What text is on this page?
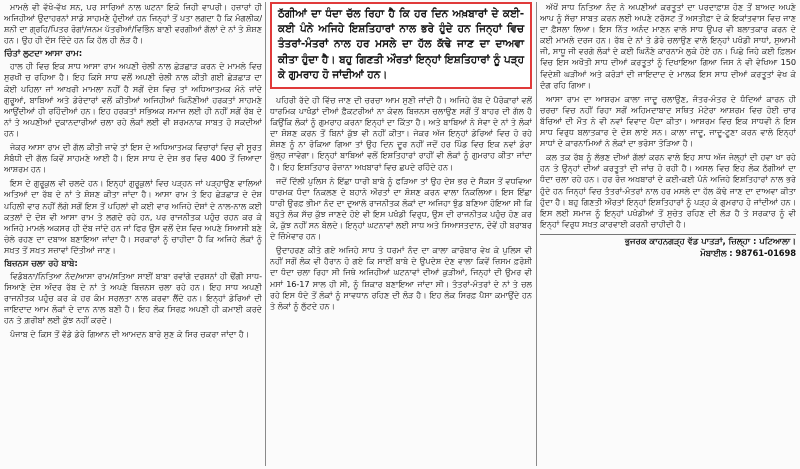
ਮਾਮਲੇ ਵੀ ਵੱਖੋ-ਵੱਖ ਸਨ, ਪਰ ਸਾਰਿਆਂ ਨਾਲ ਘਟਨਾ ਇਕੋ ਜਿਹੀ ਵਾਪਰੀ। ਹਜ਼ਾਰਾਂ ਹੀ ਅਜਿਹੀਆਂ ਉਦਾਹਰਨਾਂ ਸਾਡੇ ਸਾਹਮਣੇ ਹੁੰਦੀਆਂ ਹਨ ਜਿਨ੍ਹਾਂ ਤੋਂ ਪਤਾ ਲਗਦਾ ਹੈ ਕਿ ਮੰਗਲੀਕ/ਸ਼ਨੀ ਦਾ ਗ੍ਰਹਿ/ਪਿਤਰ ਰੋਗਾਂ/ਜਨਮ ਪੱਤਰੀਆਂ/ਵਿਭਿੰਨ ਬਾਣੀ ਵਰਗੀਆਂ ਗੱਲਾਂ ਦੇ ਨਾਂ ਤੇ ਸ਼ੋਸ਼ਣ ਹਨ। ਉਹ ਹੀ ਦੱਸ ਦਿੰਦੇ ਹਨ ਕਿ ਹੱਲ ਹੀ ਲੋੜ ਹੈ।

ਚਿੰਤਾਂ ਲੁਟਦਾ ਆਸਾ ਰਾਮ:

ਹਾਲ ਹੀ ਵਿਚ ਇਕ ਸਾਧ ਆਸਾ ਰਾਮ ਅਪਣੀ ਚੇਲੀ ਨਾਲ ਛੇੜਛਾੜ ਕਰਨ ਦੇ ਮਾਮਲੇ ਵਿਚ ਸੁਰਖੀ ਚ ਰਹਿਆ ਹੈ। ਇਹ ਕਿਸੇ ਸਾਧ ਵਲੋਂ ਅਪਣੀ ਚੇਲੀ ਨਾਲ ਕੀਤੀ ਗਈ ਛੇੜਛਾੜ ਦਾ ਕੋਈ ਪਹਿਲਾ ਜਾਂ ਆਖ਼ਰੀ ਮਾਮਲਾ ਨਹੀਂ ਹੈ ਸਗੋਂ ਦੇਸ਼ ਵਿਚ ਤਾਂ ਅਧਿਆਤਮਕ ਮੰਨੇ ਜਾਂਦੇ ਗੁਰੂਆਂ, ਬਾਬਿਆਂ ਅਤੇ ਡੇਰੇਦਾਰਾਂ ਵਲੋਂ ਕੀਤੀਆਂ ਅਜਿਹੀਆਂ ਘਿਨੌਣੀਆਂ ਹਰਕਤਾਂ ਸਾਹਮਣੇ ਆਉਂਦੀਆਂ ਹੀ ਰਹਿੰਦੀਆਂ ਹਨ। ਇਹ ਹਰਕਤਾਂ ਸਭਿਅਕ ਸਮਾਜ ਲਈ ਹੀ ਨਹੀਂ ਸਗੋਂ ਰੱਬ ਦੇ ਨਾਂ ਤੇ ਅਪਣੀਆਂ ਦੁਕਾਨਦਾਰੀਆਂ ਚਲਾ ਰਹੇ ਲੋਕਾਂ ਲਈ ਵੀ ਸ਼ਰਮਨਾਕ ਸਾਬਤ ਹੋ ਸਕਦੀਆਂ ਹਨ।

ਜੇਕਰ ਆਸਾ ਰਾਮ ਦੀ ਗੱਲ ਕੀਤੀ ਜਾਵੇ ਤਾਂ ਇਸ ਦੇ ਅਧਿਆਤਮਕ ਵਿਚਾਰਾਂ ਵਿਚ ਵੀ ਸੂਰਤ ਸੰਬੰਧੀ ਦੀ ਗੱਲ ਕਿਵੇਂ ਸਾਹਮਣੇ ਆਈ ਹੈ। ਇਸ ਸਾਧ ਦੇ ਦੇਸ਼ ਭਰ ਵਿਚ 400 ਤੋਂ ਜ਼ਿਆਦਾ ਆਸ਼ਰਮ ਹਨ।

ਇਸ ਦੇ ਗੁਰੂਕੁਲ ਵੀ ਚਲਦੇ ਹਨ। ਇਨ੍ਹਾਂ ਗੁਰੂਕੁਲਾਂ ਵਿਚ ਪੜ੍ਹਨ ਜਾਂ ਪੜ੍ਹਾਉਣ ਵਾਲਿਆਂ ਅਤਿਆਂ ਦਾ ਰੱਬ ਦੇ ਨਾਂ ਤੇ ਸ਼ੋਸ਼ਣ ਕੀਤਾ ਜਾਂਦਾ ਹੈ। ਆਸਾ ਰਾਮ ਤੇ ਇਹ ਛੇੜਛਾੜ ਦੇ ਦੋਸ਼ ਪਹਿਲੀ ਵਾਰ ਨਹੀਂ ਲੱਗੇ ਸਗੋਂ ਇਸ ਤੋਂ ਪਹਿਲਾਂ ਵੀ ਕਈ ਵਾਰ ਅਜਿਹੇ ਦੋਸ਼ਾਂ ਦੇ ਨਾਲ-ਨਾਲ ਕਈ ਕਤਲਾਂ ਦੇ ਦੋਸ਼ ਵੀ ਆਸਾ ਰਾਮ ਤੇ ਲਗਦੇ ਰਹੇ ਹਨ, ਪਰ ਰਾਜਨੀਤਕ ਪਹੁੰਚ ਰਹਨ ਕਰ ਕੇ ਅਜਿਹੇ ਮਾਮਲੇ ਅਕਸਰ ਹੀ ਦੱਬ ਜਾਂਦੇ ਹਨ ਜਾਂ ਫਿਰ ਉਸ ਵਲੋਂ ਦੇਸ਼ ਵਿਚ ਅਪਣੇ ਸਿਆਸੀ ਬਣੇ ਚੇਲੇ ਰਹਣ ਦਾ ਦਬਾਅ ਬਣਾਇਆ ਜਾਂਦਾ ਹੈ। ਸਰਕਾਰਾਂ ਨੂੰ ਚਾਹੀਦਾ ਹੈ ਕਿ ਅਜਿਹੇ ਲੋਕਾਂ ਨੂੰ ਸਖ਼ਤ ਤੋਂ ਸਖ਼ਤ ਸਜ਼ਾਵਾਂ ਦਿੱਤੀਆਂ ਜਾਣ।

ਬਿਜ਼ਨਸ ਚਲਾ ਰਹੇ ਬਾਬੇ:

ਵਿਡੰਬਨਾ/ਨਿਤਿਆ ਨੰਦ/ਆਸਾ ਰਾਮ/ਸਤਿਆ ਸਾਈਂ ਬਾਬਾ ਰਵਾਂਗੇ ਦਰਸ਼ਨਾਂ ਹੀ ਢੌਂਗੀ ਸਾਧ-ਸਿਆਣੇ ਦੇਸ਼ ਅੰਦਰ ਰੱਬ ਦੇ ਨਾਂ ਤੇ ਅਪਣੇ ਬਿਜ਼ਨਸ ਚਲਾ ਰਹੇ ਹਨ। ਇਹ ਸਾਧ ਅਪਣੀ ਰਾਜਨੀਤਕ ਪਹੁੰਚ ਕਰ ਕੇ ਹਰ ਕੰਮ ਸਰਲਤਾ ਨਾਲ ਕਰਵਾ ਲੈਂਦੇ ਹਨ। ਇਨ੍ਹਾਂ ਡੇਰਿਆਂ ਦੀ ਜਾਇਦਾਦ ਆਮ ਲੋਕਾਂ ਦੇ ਦਾਨ ਨਾਲ ਬਣੀ ਹੈ। ਇਹ ਲੋਕ ਸਿਰਫ਼ ਅਪਣੀ ਹੀ ਕਮਾਈ ਕਰਦੇ ਹਨ ਤੇ ਗ਼ਰੀਬਾਂ ਲਈ ਕੁੱਝ ਨਹੀਂ ਕਰਦੇ।

ਪੰਜਾਬ ਦੇ ਕਿਸ ਤੋਂ ਵੱਡੇ ਡੇਰੇ ਗਿਆਨ ਦੀ ਆਮਦਨ ਬਾਰੇ ਸੁਣ ਕੇ ਸਿਰ ਚਕਰਾ ਜਾਂਦਾ ਹੈ।

ਠੱਗੀਆਂ ਦਾ ਧੰਦਾ ਚੱਲ ਰਿਹਾ ਹੈ ਕਿ ਹਰ ਦਿਨ ਅਖ਼ਬਾਰਾਂ ਦੇ ਕਈ-ਕਈ ਪੰਨੇ ਅਜਿਹੇ ਇਸ਼ਤਿਹਾਰਾਂ ਨਾਲ ਭਰੇ ਹੁੰਦੇ ਹਨ ਜਿਨ੍ਹਾਂ ਵਿਚ ਤੰਤਰਾਂ-ਮੰਤਰਾਂ ਨਾਲ ਹਰ ਮਸਲੇ ਦਾ ਹੱਲ ਕੱਢੇ ਜਾਣ ਦਾ ਦਾਅਵਾ ਕੀਤਾ ਹੁੰਦਾ ਹੈ। ਬਹੁ ਗਿਣਤੀ ਔਰਤਾਂ ਇਨ੍ਹਾਂ ਇਸ਼ਤਿਹਾਰਾਂ ਨੂੰ ਪੜ੍ਹ ਕੇ ਗੁਮਰਾਹ ਹੋ ਜਾਂਦੀਆਂ ਹਨ।

ਪਹਿਰੀ ਰੱਦੇ ਹੀ ਵਿੱਚ ਜਾਣ ਦੀ ਚਰਚਾ ਆਮ ਸੁਣੀ ਜਾਂਦੀ ਹੈ। ਅਜਿਹੇ ਰੱਬ ਦੇ ਪੈਰੋਕਾਰਾਂ ਵਲੋਂ ਧਾਰਮਿਕ ਪਾਖੰਡਾਂ ਦੀਆਂ ਫ਼ੈਕਟਰੀਆਂ ਨਾ ਕੇਵਲ ਬਿਜ਼ਨਸ ਚਲਾਉਣ ਸਗੋਂ ਤੋਂ ਬਾਹਰ ਦੀ ਗੱਲ ਹੈ ਕਿਉਂਕਿ ਲੋਕਾਂ ਨੂੰ ਗੁਮਰਾਹ ਕਰਨਾ ਇਨ੍ਹਾਂ ਦਾ ਕਿੱਤਾ ਹੈ। ਅਤੇ ਬਾਬਿਆਂ ਨੇ ਸੇਵਾ ਦੇ ਨਾਂ ਤੇ ਲੋਕਾਂ ਦਾ ਸ਼ੋਸ਼ਣ ਕਰਨ ਤੋਂ ਬਿਨਾਂ ਕੁੱਝ ਵੀ ਨਹੀਂ ਕੀਤਾ। ਜੇਕਰ ਅੱਜ ਇਨ੍ਹਾਂ ਡੇਰਿਆਂ ਵਿਚ ਹੋ ਰਹੇ ਸ਼ੋਸ਼ਣ ਨੂੰ ਨਾ ਰੋਕਿਆ ਗਿਆ ਤਾਂ ਉਹ ਦਿਨ ਦੂਰ ਨਹੀਂ ਜਦੋਂ ਹਰ ਪਿੰਡ ਵਿਚ ਇਕ ਨਵਾਂ ਡੇਰਾ ਖੁੱਲ੍ਹ ਜਾਵੇਗਾ। ਇਨ੍ਹਾਂ ਬਾਬਿਆਂ ਵਲੋਂ ਇਸ਼ਤਿਹਾਰਾਂ ਰਾਹੀਂ ਵੀ ਲੋਕਾਂ ਨੂੰ ਗੁਮਰਾਹ ਕੀਤਾ ਜਾਂਦਾ ਹੈ। ਇਹ ਇਸ਼ਤਿਹਾਰ ਰੋਜ਼ਾਨਾ ਅਖ਼ਬਾਰਾਂ ਵਿਚ ਛਪਦੇ ਰਹਿੰਦੇ ਹਨ।

ਜਦੋਂ ਦਿੱਲੀ ਪੁਲਿਸ ਨੇ ਇੱਛਾ ਧਾਰੀ ਬਾਬੇ ਨੂੰ ਫੜਿਆ ਤਾਂ ਉਹ ਦੇਸ਼ ਭਰ ਦੇ ਸੈਕਸ ਤੋਂ ਵਧਵਿਆ ਧਾਰਮਕ ਧੰਦਾ ਨਿਕਲਣ ਦੇ ਬਹਾਨੇ ਔਰਤਾਂ ਦਾ ਸ਼ੋਸ਼ਣ ਕਰਨ ਵਾਲਾ ਨਿਕਲਿਆ। ਇਸ ਇੱਛਾ ਧਾਰੀ ਉਰਫ਼ ਭੀਮਾ ਨੰਦ ਦਾ ਦੁਆਲੇ ਰਾਜਨੀਤਕ ਲੋਕਾਂ ਦਾ ਅਜਿਹਾ ਝੁੰਡ ਬਣਿਆ ਹੋਇਆ ਸੀ ਕਿ ਬਹੁਤੇ ਲੋਕ ਸੱਚ ਕੁੱਝ ਜਾਣਦੇ ਹੋਏ ਵੀ ਇਸ ਪਖੰਡੀ ਵਿਰੁਧ, ਉਸ ਦੀ ਰਾਜਨੀਤਕ ਪਹੁੰਚ ਹੋਣ ਕਰ ਕੇ, ਕੁੱਝ ਨਹੀਂ ਸਨ ਬੋਲਦੇ। ਇਨ੍ਹਾਂ ਘਟਨਾਵਾਂ ਲਈ ਸਾਧ ਅਤੇ ਸਿਆਸਤਦਾਨ, ਦੋਵੇਂ ਹੀ ਬਰਾਬਰ ਦੇ ਜ਼ਿੰਮੇਵਾਰ ਹਨ।

ਉਦਾਹਰਣ ਕੀਤੇ ਗਏ ਅਜਿਹੇ ਸਾਧ ਤੇ ਧਰਮਾਂ ਨੰਦ ਦਾ ਕਾਲਾ ਕਾਰੋਬਾਰ ਵੇਖ ਕੇ ਪੁਲਿਸ ਵੀ ਨਹੀਂ ਸਗੋਂ ਲੋਕ ਵੀ ਹੈਰਾਨ ਹੋ ਗਏ ਕਿ ਸਾਈਂ ਬਾਬੇ ਦੇ ਉਪਦੇਸ਼ ਦੇਣ ਵਾਲਾ ਕਿਵੇਂ ਜ਼ਿਸਮ ਫ਼ਰੋਸ਼ੀ ਦਾ ਧੰਦਾ ਚਲਾ ਰਿਹਾ ਸੀ ਜਿਥੇ ਅਜਿਹੀਆਂ ਘਟਨਾਵਾਂ ਦੀਆਂ ਕੁੜੀਆਂ, ਜਿਨ੍ਹਾਂ ਦੀ ਉਮਰ ਵੀ ਮਸਾਂ 16-17 ਸਾਲ ਹੀ ਸੀ, ਨੂੰ ਸ਼ਿਕਾਰ ਬਣਾਇਆ ਜਾਂਦਾ ਸੀ। ਤੰਤਰਾਂ-ਮੰਤਰਾਂ ਦੇ ਨਾਂ ਤੇ ਚਲ ਰਹੇ ਇਸ ਧੰਦੇ ਤੋਂ ਲੋਕਾਂ ਨੂੰ ਸਾਵਧਾਨ ਰਹਿਣ ਦੀ ਲੋੜ ਹੈ। ਇਹ ਲੋਕ ਸਿਰਫ਼ ਪੈਸਾ ਕਮਾਉਂਦੇ ਹਨ ਤੇ ਲੋਕਾਂ ਨੂੰ ਲੁੱਟਦੇ ਹਨ।

ਅੱਖੋਂ ਸਾਧ ਨਿਤਿਆ ਨੰਦ ਨੇ ਅਪਣੀਆਂ ਕਰਤੂਤਾਂ ਦਾ ਪਰਦਾਫ਼ਾਸ਼ ਹੋਣ ਤੋਂ ਬਾਅਦ ਅਪਣੇ ਆਪ ਨੂੰ ਸੱਚਾ ਸਾਬਤ ਕਰਨ ਲਈ ਅਪਣੇ ਟਰੱਸਟ ਤੋਂ ਅਸਤੀਫ਼ਾ ਦੇ ਕੇ ਇਕਾਂਤਵਾਸ ਵਿਚ ਜਾਣ ਦਾ ਫ਼ੈਸਲਾ ਲਿਆ। ਇਸ ਨਿੱਤ ਅਨੰਦ ਮਾਣਨ ਵਾਲੇ ਸਾਧ ਉਪਰ ਵੀ ਬਲਾਤਕਾਰ ਕਰਨ ਦੇ ਕਈ ਮਾਮਲੇ ਦਰਜ ਹਨ। ਰੱਬ ਦੇ ਨਾਂ ਤੇ ਡੇਰੇ ਚਲਾਉਣ ਵਾਲੇ ਇਨ੍ਹਾਂ ਪਖੰਡੀ ਸਾਧਾਂ, ਸੁਆਮੀ ਜੀ, ਸਾਧੂ ਜੀ ਵਰਗੇ ਲੋਕਾਂ ਦੇ ਕਈ ਘਿਨੌਣੇ ਕਾਰਨਾਮੇ ਲੁਕੇ ਹੋਏ ਹਨ। ਪਿਛੇ ਜਿਹੇ ਕਈ ਫ਼ਿਲਮ ਵਿਚ ਇਸ ਅਖੌਤੀ ਸਾਧ ਦੀਆਂ ਕਰਤੂਤਾਂ ਨੂੰ ਦਿਖਾਇਆ ਗਿਆ ਜਿਸ ਨੇ ਵੀ ਵੇਖਿਆ 150 ਵਿਦੇਸ਼ੀ ਘੜੀਆਂ ਅਤੇ ਕਰੋੜਾਂ ਦੀ ਜਾਇਦਾਦ ਦੇ ਮਾਲਕ ਇਸ ਸਾਧ ਦੀਆਂ ਕਰਤੂਤਾਂ ਵੇਖ ਕੇ ਦੰਗ ਰਹਿ ਗਿਆ।

ਆਸਾ ਰਾਮ ਦਾ ਆਸ਼ਰਮ ਕਾਲਾ ਜਾਦੂ ਚਲਾਉਣ, ਜੰਤਰ-ਮੰਤਰ ਦੇ ਧੰਦਿਆਂ ਕਾਰਨ ਹੀ ਚਰਚਾ ਵਿਚ ਨਹੀਂ ਰਿਹਾ ਸਗੋਂ ਅਹਿਮਦਾਬਾਦ ਸਥਿਤ ਮੋਟੇਰਾ ਆਸ਼ਰਮ ਵਿਚ ਹੋਈ ਚਾਰ ਬੱਚਿਆਂ ਦੀ ਮੌਤ ਨੇ ਵੀ ਨਵਾਂ ਵਿਵਾਦ ਪੈਦਾ ਕੀਤਾ। ਆਸ਼ਰਮ ਵਿਚ ਇਕ ਸਾਧਵੀ ਨੇ ਇਸ ਸਾਧ ਵਿਰੁਧ ਬਲਾਤਕਾਰ ਦੇ ਦੋਸ਼ ਲਾਏ ਸਨ। ਕਾਲਾ ਜਾਦੂ, ਜਾਦੂ-ਟੂਣਾ ਕਰਨ ਵਾਲੇ ਇਨ੍ਹਾਂ ਸਾਧਾਂ ਦੇ ਕਾਰਨਾਮਿਆਂ ਨੇ ਲੋਕਾਂ ਦਾ ਭਰੋਸਾ ਤੋੜਿਆ ਹੈ।

ਕਲ ਤਕ ਰੱਬ ਨੂੰ ਲੱਭਣ ਦੀਆਂ ਗੱਲਾਂ ਕਰਨ ਵਾਲੇ ਇਹ ਸਾਧ ਅੱਜ ਜੇਲ੍ਹਾਂ ਦੀ ਹਵਾ ਖਾ ਰਹੇ ਹਨ ਤੇ ਉਨ੍ਹਾਂ ਦੀਆਂ ਕਰਤੂਤਾਂ ਦੀ ਜਾਂਚ ਹੋ ਰਹੀ ਹੈ। ਅਸਲ ਵਿਚ ਇਹ ਲੋਕ ਠੱਗੀਆਂ ਦਾ ਧੰਦਾ ਚਲਾ ਰਹੇ ਹਨ। ਹਰ ਰੋਜ਼ ਅਖ਼ਬਾਰਾਂ ਦੇ ਕਈ-ਕਈ ਪੰਨੇ ਅਜਿਹੇ ਇਸ਼ਤਿਹਾਰਾਂ ਨਾਲ ਭਰੇ ਹੁੰਦੇ ਹਨ ਜਿਨ੍ਹਾਂ ਵਿਚ ਤੰਤਰਾਂ-ਮੰਤਰਾਂ ਨਾਲ ਹਰ ਮਸਲੇ ਦਾ ਹੱਲ ਕੱਢੇ ਜਾਣ ਦਾ ਦਾਅਵਾ ਕੀਤਾ ਹੁੰਦਾ ਹੈ। ਬਹੁ ਗਿਣਤੀ ਔਰਤਾਂ ਇਨ੍ਹਾਂ ਇਸ਼ਤਿਹਾਰਾਂ ਨੂੰ ਪੜ੍ਹ ਕੇ ਗੁਮਰਾਹ ਹੋ ਜਾਂਦੀਆਂ ਹਨ। ਇਸ ਲਈ ਸਮਾਜ ਨੂੰ ਇਨ੍ਹਾਂ ਪਖੰਡੀਆਂ ਤੋਂ ਸੁਚੇਤ ਰਹਿਣ ਦੀ ਲੋੜ ਹੈ ਤੇ ਸਰਕਾਰ ਨੂੰ ਵੀ ਇਨ੍ਹਾਂ ਵਿਰੁਧ ਸਖ਼ਤ ਕਾਰਵਾਈ ਕਰਨੀ ਚਾਹੀਦੀ ਹੈ।

ਭੁਜਰਕ ਕਾਹਨਗੜ੍ਹ ਵੱਡ ਪਾਤੜਾਂ, ਜ਼ਿਲ੍ਹਾ : ਪਟਿਆਲਾ।
ਮੋਬਾਈਲ : 98761-01698
